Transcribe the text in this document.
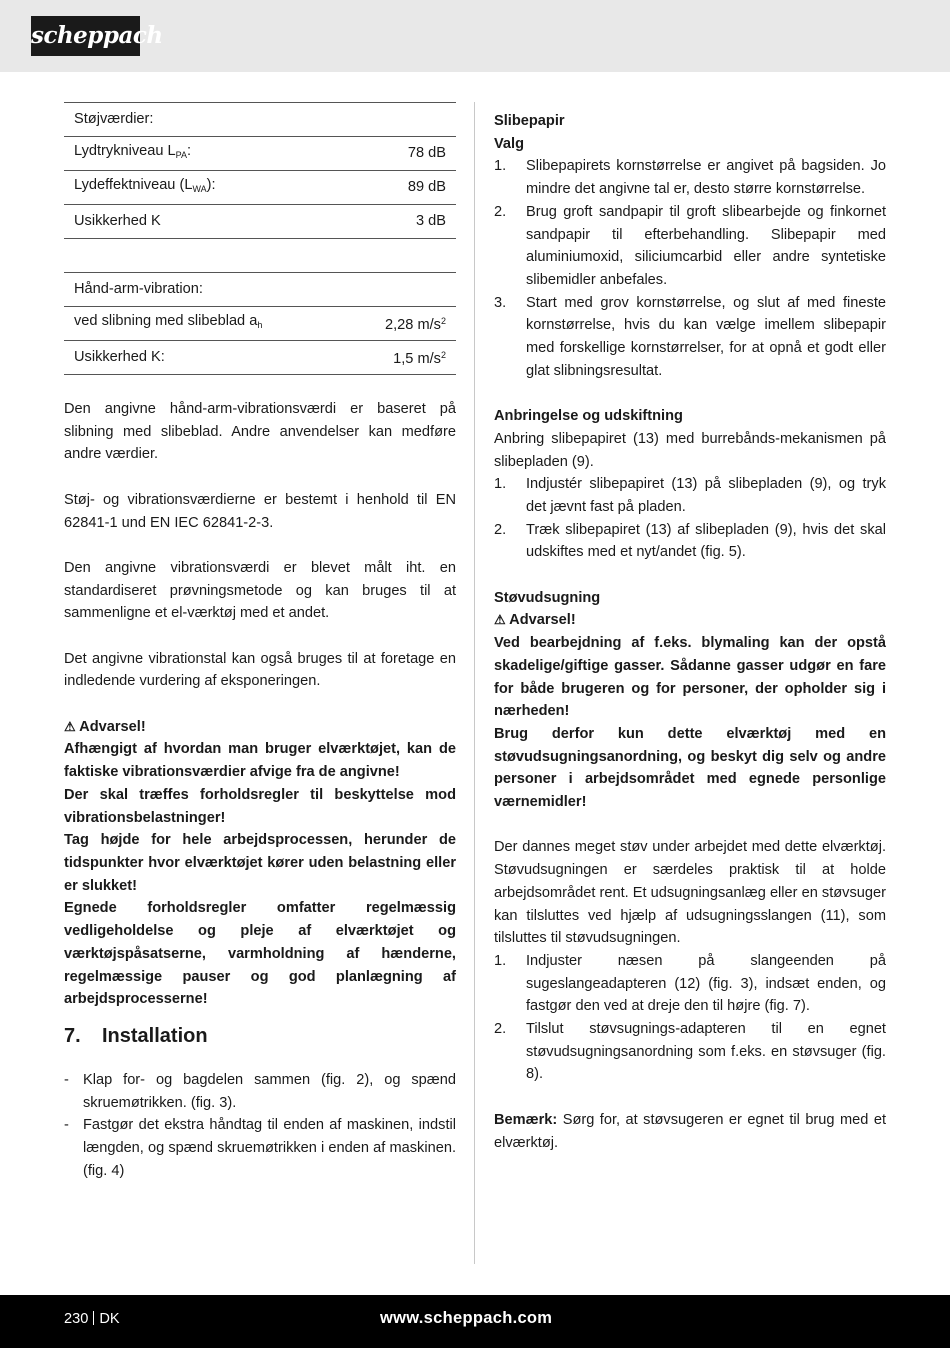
scheppach
Støjværdier:	
Lydtrykniveau $L_{PA}$:	78 dB
Lydeffektniveau $(L_{WA})$:	89 dB
Usikkerhed K	3 dB

Hånd-arm-vibration:	
ved slibning med slibeblad $a_h$	2,28 $m/s^2$
Usikkerhed K:	1,5 $m/s^2$

Den angivne hånd-arm-vibrationsværdi er baseret på slibning med slibeblad. Andre anvendelser kan medføre andre værdier.

Støj- og vibrationsværdierne er bestemt i henhold til EN 62841-1 und EN IEC 62841-2-3.

Den angivne vibrationsværdi er blevet målt iht. en standardiseret prøvningsmetode og kan bruges til at sammenligne et el-værktøj med et andet.

Det angivne vibrationstal kan også bruges til at foretage en indledende vurdering af eksponeringen.

⚠ Advarsel!

Afhængigt af hvordan man bruger elværktøjet, kan de faktiske vibrationsværdier afvige fra de angivne!

Der skal træffes forholdsregler til beskyttelse mod vibrationsbelastninger!

Tag højde for hele arbejdsprocessen, herunder de tidspunkter hvor elværktøjet kører uden belastning eller er slukket!

Egnede forholdsregler omfatter regelmæssig vedligeholdelse og pleje af elværktøjet og værktøjspåsatserne, varmholdning af hænderne, regelmæssige pauser og god planlægning af arbejdsprocesserne!

7. Installation
- Klap for- og bagdelen sammen (fig. 2), og spænd skruemøtrikken. (fig. 3).
- Fastgør det ekstra håndtag til enden af maskinen, indstil længden, og spænd skruemøtrikken i enden af maskinen. (fig. 4)
Slibepapir
Valg
1. Slibepapirets kornstørrelse er angivet på bagsiden. Jo mindre det angivne tal er, desto større kornstørrelse.
2. Brug groft sandpapir til groft slibearbejde og finkornet sandpapir til efterbehandling. Slibepapir med aluminiumoxid, siliciumcarbid eller andre syntetiske slibemidler anbefales.
3. Start med grov kornstørrelse, og slut af med fineste kornstørrelse, hvis du kan vælge imellem slibepapir med forskellige kornstørrelser, for at opnå et godt eller glat slibningsresultat.
Anbringelse og udskiftning

Anbring slibepapiret (13) med burrebånds-mekanismen på slibepladen (9).

1. Indjustér slibepapiret (13) på slibepladen (9), og tryk det jævnt fast på pladen.
2. Træk slibepapiret (13) af slibepladen (9), hvis det skal udskiftes med et nyt/andet (fig. 5).
Støvudsugning
⚠ Advarsel!

Ved bearbejdning af f.eks. blymaling kan der opstå skadelige/giftige gasser. Sådanne gasser udgør en fare for både brugeren og for personer, der opholder sig i nærheden!

Brug derfor kun dette elværktøj med en støvudsugningsanordning, og beskyt dig selv og andre personer i arbejdsområdet med egnede personlige værnemidler!

Der dannes meget støv under arbejdet med dette elværktøj. Støvudsugningen er særdeles praktisk til at holde arbejdsområdet rent. Et udsugningsanlæg eller en støvsuger kan tilsluttes ved hjælp af udsugningsslangen (11), som tilsluttes til støvudsugningen.

1. Indjuster næsen på slangeenden på sugeslangeadapteren (12) (fig. 3), indsæt enden, og fastgør den ved at dreje den til højre (fig. 7).
2. Tilslut støvsugnings-adapteren til en egnet støvudsugningsanordning som f.eks. en støvsuger (fig. 8).

Bemærk: Sørg for, at støvsugeren er egnet til brug med et elværktøj.

230 DK	www.scheppach.com
